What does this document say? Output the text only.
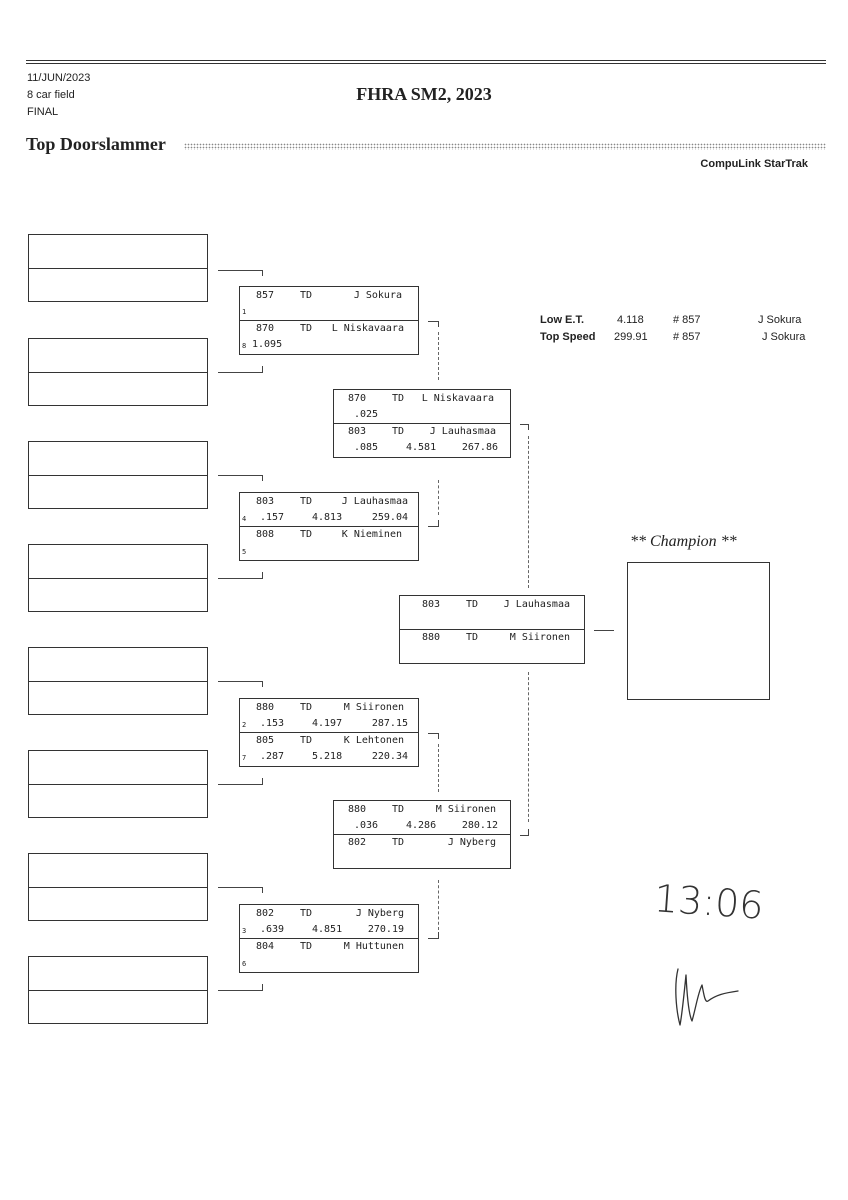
11/JUN/2023
8 car field
FINAL
FHRA SM2, 2023
Top Doorslammer
CompuLink StarTrak
857	TD	J Sokura
1
870	TD L Niskavaara
8 1.095
803	TD	J Lauhasmaa
4 .157	4.813	259.04
808	TD	K Nieminen
5
880	TD	M Siironen
2 .153	4.197	287.15
805	TD	K Lehtonen
7 .287	5.218	220.34
802	TD	J Nyberg
3 .639	4.851	270.19
804	TD	M Huttunen
6
870	TD L Niskavaara
.025
803	TD	J Lauhasmaa
.085	4.581	267.86
880	TD	M Siironen
.036	4.286	280.12
802	TD	J Nyberg
803	TD	J Lauhasmaa
880	TD	M Siironen
Low E.T.	4.118	# 857	J Sokura
Top Speed 299.91 # 857	J Sokura
** Champion **
13:06
